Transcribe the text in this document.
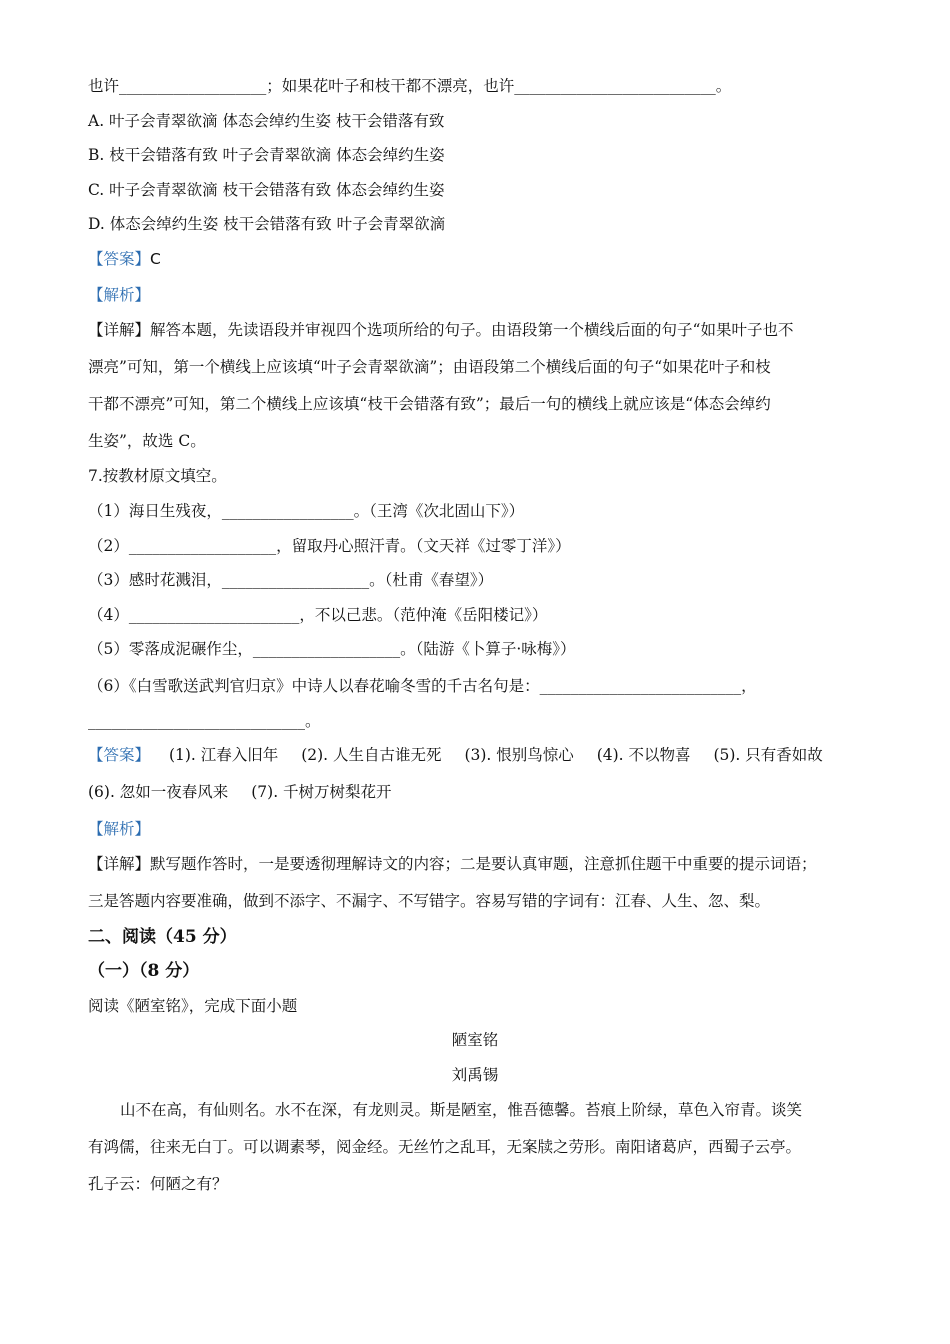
也许___________________；如果花叶子和枝干都不漂亮，也许__________________________。
A. 叶子会青翠欲滴 体态会绰约生姿 枝干会错落有致
B. 枝干会错落有致 叶子会青翠欲滴 体态会绰约生姿
C. 叶子会青翠欲滴 枝干会错落有致 体态会绰约生姿
D. 体态会绰约生姿 枝干会错落有致 叶子会青翠欲滴
【答案】C
【解析】
【详解】解答本题，先读语段并审视四个选项所给的句子。由语段第一个横线后面的句子“如果叶子也不
漂亮”可知，第一个横线上应该填“叶子会青翠欲滴”；由语段第二个横线后面的句子“如果花叶子和枝
干都不漂亮”可知，第二个横线上应该填“枝干会错落有致”；最后一句的横线上就应该是“体态会绰约
生姿”，故选 C。
7.按教材原文填空。
（1）海日生残夜，_________________。（王湾《次北固山下》）
（2）___________________，留取丹心照汗青。（文天祥《过零丁洋》）
（3）感时花溅泪，___________________。（杜甫《春望》）
（4）______________________，不以己悲。（范仲淹《岳阳楼记》）
（5）零落成泥碾作尘，___________________。（陆游《卜算子·咏梅》）
（6）《白雪歌送武判官归京》中诗人以春花喻冬雪的千古名句是：__________________________，
____________________________。
【答案】 (1). 江春入旧年 (2). 人生自古谁无死 (3). 恨别鸟惊心 (4). 不以物喜 (5). 只有香如故
(6). 忽如一夜春风来 (7). 千树万树梨花开
【解析】
【详解】默写题作答时，一是要透彻理解诗文的内容；二是要认真审题，注意抓住题干中重要的提示词语；
三是答题内容要准确，做到不添字、不漏字、不写错字。容易写错的字词有：江春、人生、忽、梨。
二、阅读（45 分）
（一）（8 分）
阅读《陋室铭》，完成下面小题
陋室铭
刘禹锡
山不在高，有仙则名。水不在深，有龙则灵。斯是陋室，惟吾德馨。苔痕上阶绿，草色入帘青。谈笑
有鸿儒，往来无白丁。可以调素琴，阅金经。无丝竹之乱耳，无案牍之劳形。南阳诸葛庐，西蜀子云亭。
孔子云：何陋之有？
